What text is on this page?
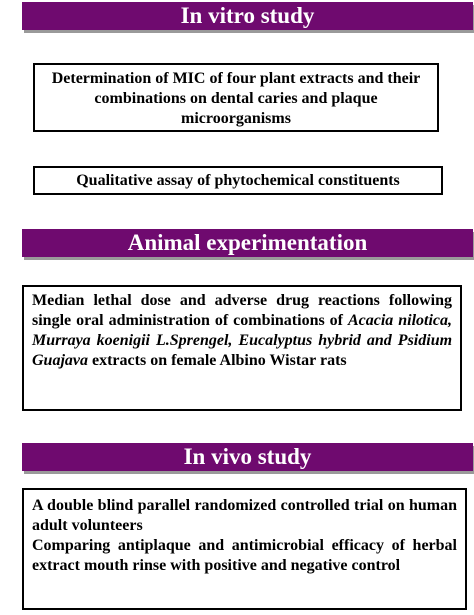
In vitro study

Determination of MIC of four plant extracts and their combinations on dental caries and plaque microorganisms

Qualitative assay of phytochemical constituents

Animal experimentation

Median lethal dose and adverse drug reactions following single oral administration of combinations of Acacia nilotica, Murraya koenigii L.Sprengel, Eucalyptus hybrid and Psidium Guajava extracts on female Albino Wistar rats

In vivo study

A double blind parallel randomized controlled trial on human adult volunteers

Comparing antiplaque and antimicrobial efficacy of herbal extract mouth rinse with positive and negative control
